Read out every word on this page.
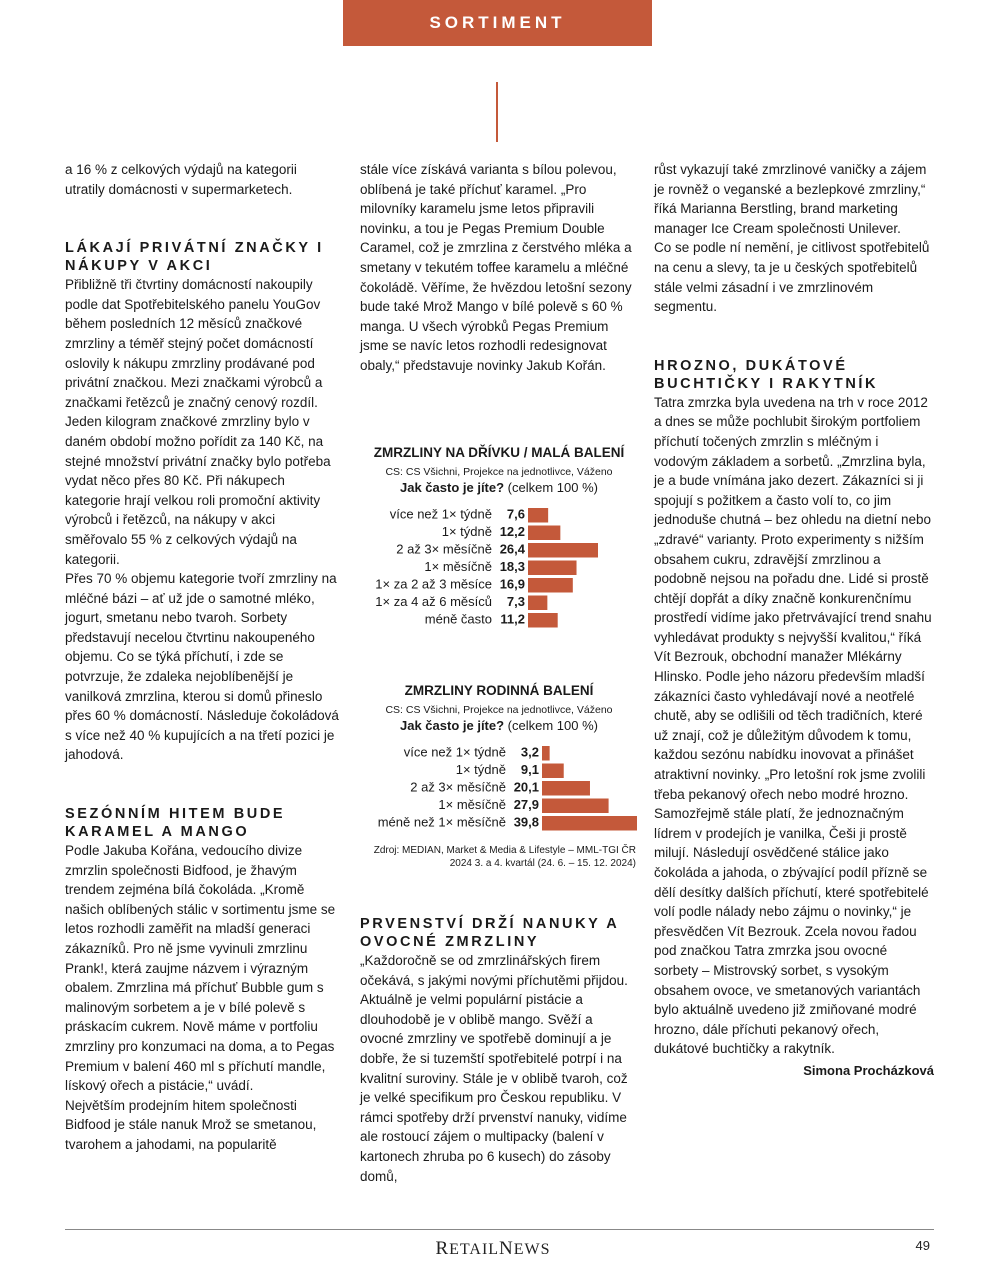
SORTIMENT

a 16 % z celkových výdajů na kategorii utratily domácnosti v supermarketech.

LÁKAJÍ PRIVÁTNÍ ZNAČKY I NÁKUPY V AKCI

Přibližně tři čtvrtiny domácností nakoupily podle dat Spotřebitelského panelu YouGov během posledních 12 měsíců značkové zmrzliny a téměř stejný počet domácností oslovily k nákupu zmrzliny prodávané pod privátní značkou. Mezi značkami výrobců a značkami řetězců je značný cenový rozdíl. Jeden kilogram značkové zmrzliny bylo v daném období možno pořídit za 140 Kč, na stejné množství privátní značky bylo potřeba vydat něco přes 80 Kč. Při nákupech kategorie hrají velkou roli promoční aktivity výrobců i řetězců, na nákupy v akci směřovalo 55 % z celkových výdajů na kategorii.

Přes 70 % objemu kategorie tvoří zmrzliny na mléčné bázi – ať už jde o samotné mléko, jogurt, smetanu nebo tvaroh. Sorbety představují necelou čtvrtinu nakoupeného objemu. Co se týká příchutí, i zde se potvrzuje, že zdaleka nejoblíbenější je vanilková zmrzlina, kterou si domů přineslo přes 60 % domácností. Následuje čokoládová s více než 40 % kupujících a na třetí pozici je jahodová.

SEZÓNNÍM HITEM BUDE KARAMEL A MANGO

Podle Jakuba Kořána, vedoucího divize zmrzlin společnosti Bidfood, je žhavým trendem zejména bílá čokoláda. „Kromě našich oblíbených stálic v sortimentu jsme se letos rozhodli zaměřit na mladší generaci zákazníků. Pro ně jsme vyvinuli zmrzlinu Prank!, která zaujme názvem i výrazným obalem. Zmrzlina má příchuť Bubble gum s malinovým sorbetem a je v bílé polevě s práskacím cukrem. Nově máme v portfoliu zmrzliny pro konzumaci na doma, a to Pegas Premium v balení 460 ml s příchutí mandle, lískový ořech a pistácie,“ uvádí.

Největším prodejním hitem společnosti Bidfood je stále nanuk Mrož se smetanou, tvarohem a jahodami, na popularitě

stále více získává varianta s bílou polevou, oblíbená je také příchuť karamel. „Pro milovníky karamelu jsme letos připravili novinku, a tou je Pegas Premium Double Caramel, což je zmrzlina z čerstvého mléka a smetany v tekutém toffee karamelu a mléčné čokoládě. Věříme, že hvězdou letošní sezony bude také Mrož Mango v bílé polevě s 60 % manga. U všech výrobků Pegas Premium jsme se navíc letos rozhodli redesignovat obaly,“ představuje novinky Jakub Kořán.

ZMRZLINY NA DŘÍVKU / MALÁ BALENÍ
CS: CS Všichni, Projekce na jednotlivce, Váženo
Jak často je jíte? (celkem 100 %)
více než 1× týdně 7,6
1× týdně 12,2
2 až 3× měsíčně 26,4
1× měsíčně 18,3
1× za 2 až 3 měsíce 16,9
1× za 4 až 6 měsíců 7,3
méně často 11,2
ZMRZLINY RODINNÁ BALENÍ
CS: CS Všichni, Projekce na jednotlivce, Váženo
Jak často je jíte? (celkem 100 %)
více než 1× týdně 3,2
1× týdně 9,1
2 až 3× měsíčně 20,1
1× měsíčně 27,9
méně než 1× měsíčně 39,8
Zdroj: MEDIAN, Market & Media & Lifestyle – MML-TGI ČR 2024 3. a 4. kvartál (24. 6. – 15. 12. 2024)
PRVENSTVÍ DRŽÍ NANUKY A OVOCNÉ ZMRZLINY

„Každoročně se od zmrzlinářských firem očekává, s jakými novými příchutěmi přijdou. Aktuálně je velmi populární pistácie a dlouhodobě je v oblibě mango. Svěží a ovocné zmrzliny ve spotřebě dominují a je dobře, že si tuzemští spotřebitelé potrpí i na kvalitní suroviny. Stále je v oblibě tvaroh, což je velké specifikum pro Českou republiku. V rámci spotřeby drží prvenství nanuky, vidíme ale rostoucí zájem o multipacky (balení v kartonech zhruba po 6 kusech) do zásoby domů,

růst vykazují také zmrzlinové vaničky a zájem je rovněž o veganské a bezlepkové zmrzliny,“ říká Marianna Berstling, brand marketing manager Ice Cream společnosti Unilever.

Co se podle ní nemění, je citlivost spotřebitelů na cenu a slevy, ta je u českých spotřebitelů stále velmi zásadní i ve zmrzlinovém segmentu.

HROZNO, DUKÁTOVÉ BUCHTIČKY I RAKYTNÍK

Tatra zmrzka byla uvedena na trh v roce 2012 a dnes se může pochlubit širokým portfoliem příchutí točených zmrzlin s mléčným i vodovým základem a sorbetů. „Zmrzlina byla, je a bude vnímána jako dezert. Zákazníci si ji spojují s požitkem a často volí to, co jim jednoduše chutná – bez ohledu na dietní nebo „zdravé“ varianty. Proto experimenty s nižším obsahem cukru, zdravější zmrzlinou a podobně nejsou na pořadu dne. Lidé si prostě chtějí dopřát a díky značně konkurenčnímu prostředí vidíme jako přetrvávající trend snahu vyhledávat produkty s nejvyšší kvalitou,“ říká Vít Bezrouk, obchodní manažer Mlékárny Hlinsko. Podle jeho názoru především mladší zákazníci často vyhledávají nové a neotřelé chutě, aby se odlišili od těch tradičních, které už znají, což je důležitým důvodem k tomu, každou sezónu nabídku inovovat a přinášet atraktivní novinky. „Pro letošní rok jsme zvolili třeba pekanový ořech nebo modré hrozno. Samozřejmě stále platí, že jednoznačným lídrem v prodejích je vanilka, Češi ji prostě milují. Následují osvědčené stálice jako čokoláda a jahoda, o zbývající podíl přízně se dělí desítky dalších příchutí, které spotřebitelé volí podle nálady nebo zájmu o novinky,“ je přesvědčen Vít Bezrouk. Zcela novou řadou pod značkou Tatra zmrzka jsou ovocné sorbety – Mistrovský sorbet, s vysokým obsahem ovoce, ve smetanových variantách bylo aktuálně uvedeno již zmiňované modré hrozno, dále příchuti pekanový ořech, dukátové buchtičky a rakytník.

Simona Procházková
RETAILNEWS	49
